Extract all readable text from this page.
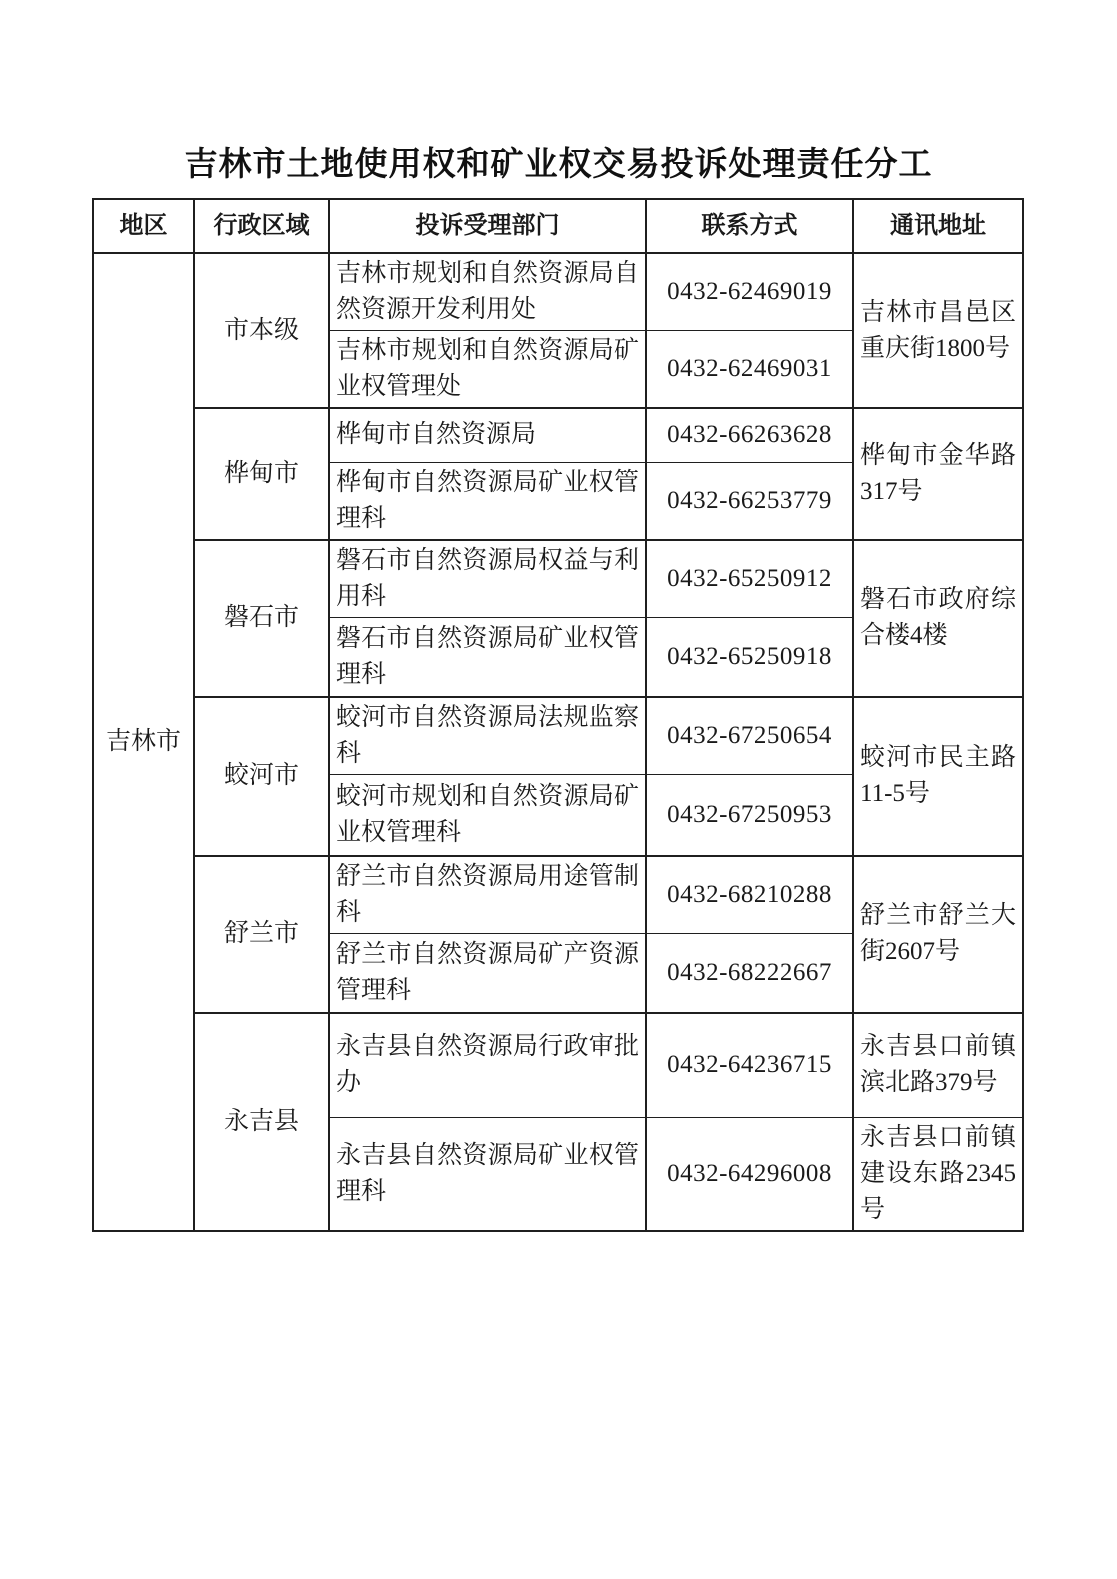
吉林市土地使用权和矿业权交易投诉处理责任分工
地区	行政区域	投诉受理部门	联系方式	通讯地址
吉林市	市本级	吉林市规划和自然资源局自然资源开发利用处	0432-62469019	吉林市昌邑区重庆街1800号
		吉林市规划和自然资源局矿业权管理处	0432-62469031	
	桦甸市	桦甸市自然资源局	0432-66263628	桦甸市金华路317号
		桦甸市自然资源局矿业权管理科	0432-66253779	
	磐石市	磐石市自然资源局权益与利用科	0432-65250912	磐石市政府综合楼4楼
		磐石市自然资源局矿业权管理科	0432-65250918	
	蛟河市	蛟河市自然资源局法规监察科	0432-67250654	蛟河市民主路11-5号
		蛟河市规划和自然资源局矿业权管理科	0432-67250953	
	舒兰市	舒兰市自然资源局用途管制科	0432-68210288	舒兰市舒兰大街2607号
		舒兰市自然资源局矿产资源管理科	0432-68222667	
	永吉县	永吉县自然资源局行政审批办	0432-64236715	永吉县口前镇滨北路379号
		永吉县自然资源局矿业权管理科	0432-64296008	永吉县口前镇建设东路2345号
